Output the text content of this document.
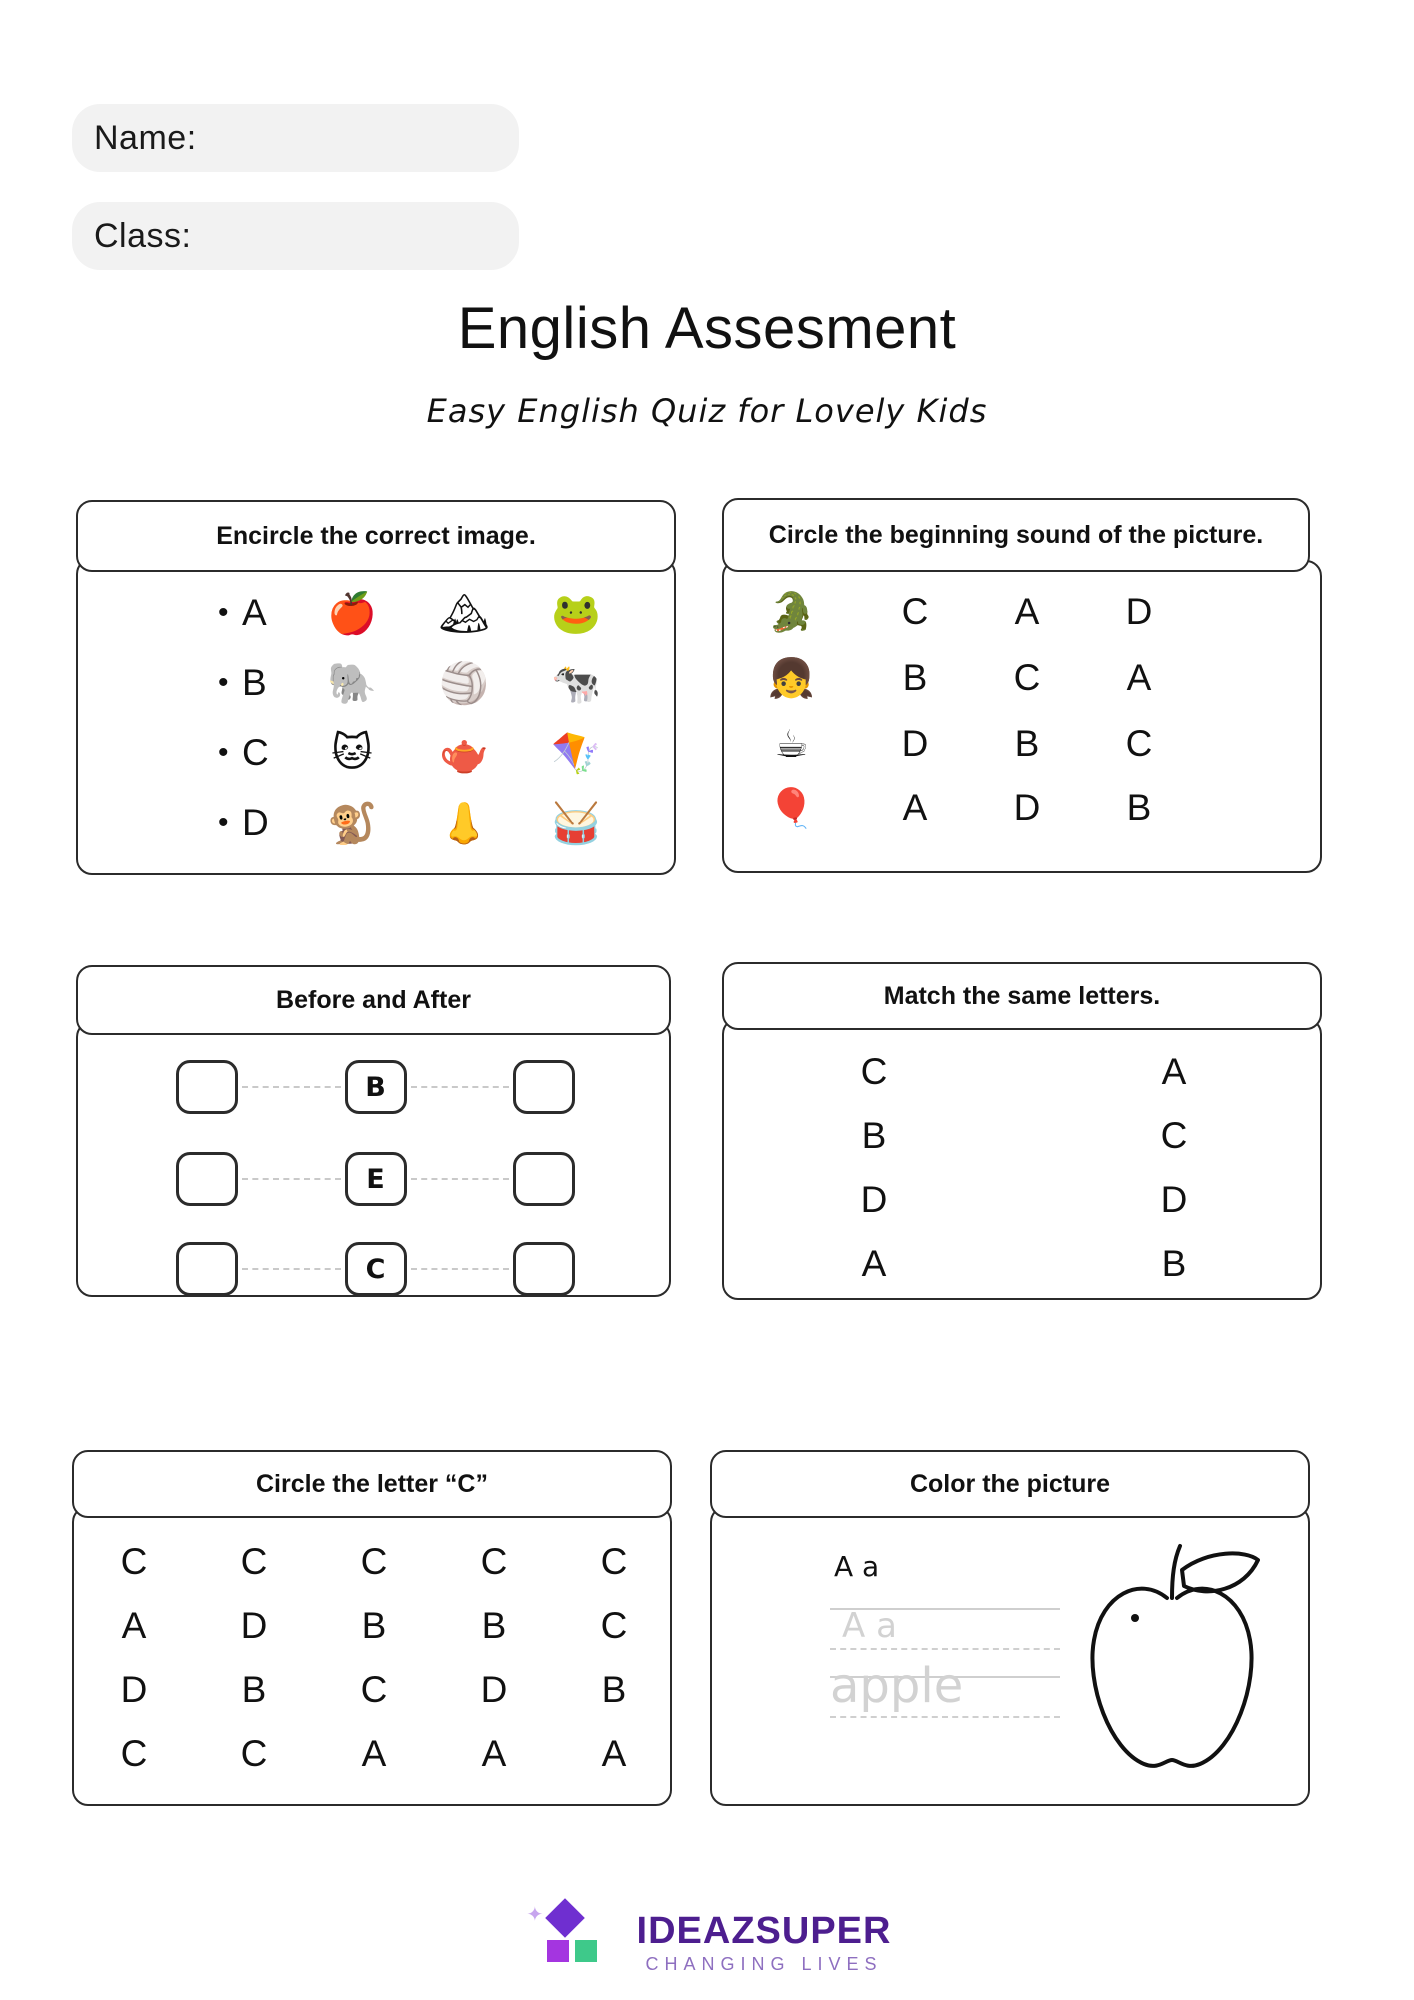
Name:
Class:
English Assesment
Easy English Quiz for Lovely Kids
Encircle the correct image.
• A	🍎	🏔	🐸
• B	🐘	🏐	🐄
• C	🐱	🫖	🪁
• D	🐒	👃	🥁
Circle the beginning sound of the picture.
🐊	C	A	D
👧	B	C	A
☕	D	B	C
🎈	A	D	B
Before and After
B
E
C
Match the same letters.
C	A
B	C
D	D
A	B
Circle the letter “C”
C	C	C	C	C
A	D	B	B	C
D	B	C	D	B
C	C	A	A	A
Color the picture
A a
A a
apple
✦ IDEAZSUPER
CHANGING LIVES
